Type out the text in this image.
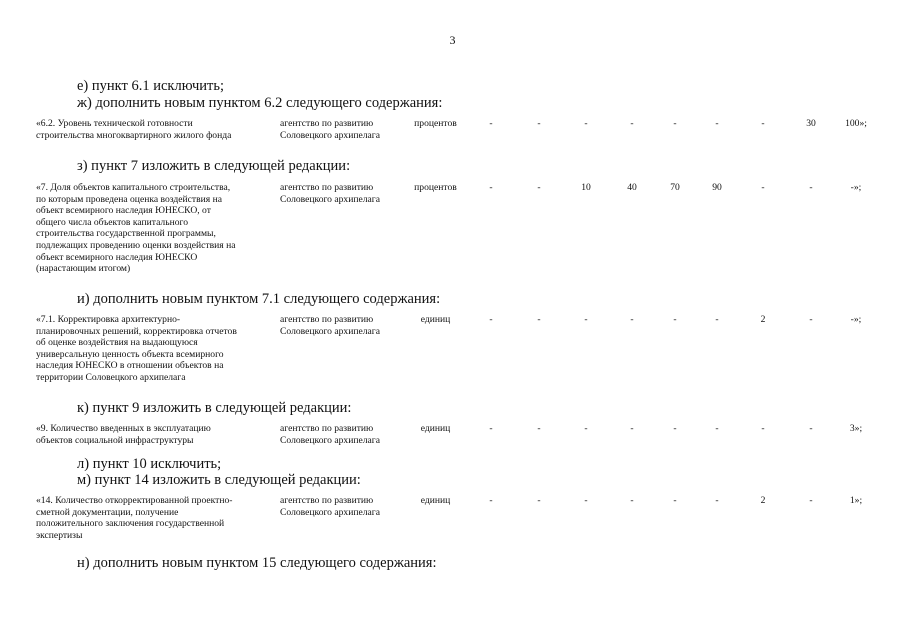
3
е) пункт 6.1 исключить;
ж) дополнить новым пунктом 6.2 следующего содержания:
«6.2. Уровень технической готовности
строительства многоквартирного жилого фонда
агентство по развитию
Соловецкого архипелага
процентов	-	-	-	-	-	-	-	30	100»;
з) пункт 7 изложить в следующей редакции:
«7. Доля объектов капитального строительства,
по которым проведена оценка воздействия на
объект всемирного наследия ЮНЕСКО, от
общего числа объектов капитального
строительства государственной программы,
подлежащих проведению оценки воздействия на
объект всемирного наследия ЮНЕСКО
(нарастающим итогом)
агентство по развитию
Соловецкого архипелага
процентов	-	-	10	40	70	90	-	-	-»;
и) дополнить новым пунктом 7.1 следующего содержания:
«7.1. Корректировка архитектурно-
планировочных решений, корректировка отчетов
об оценке воздействия на выдающуюся
универсальную ценность объекта всемирного
наследия ЮНЕСКО в отношении объектов на
территории Соловецкого архипелага
агентство по развитию
Соловецкого архипелага
единиц	-	-	-	-	-	-	2	-	-»;
к) пункт 9 изложить в следующей редакции:
«9. Количество введенных в эксплуатацию
объектов социальной инфраструктуры
агентство по развитию
Соловецкого архипелага
единиц	-	-	-	-	-	-	-	-	3»;
л) пункт 10 исключить;
м) пункт 14 изложить в следующей редакции:
«14. Количество откорректированной проектно-
сметной документации, получение
положительного заключения государственной
экспертизы
агентство по развитию
Соловецкого архипелага
единиц	-	-	-	-	-	-	2	-	1»;
н) дополнить новым пунктом 15 следующего содержания:
